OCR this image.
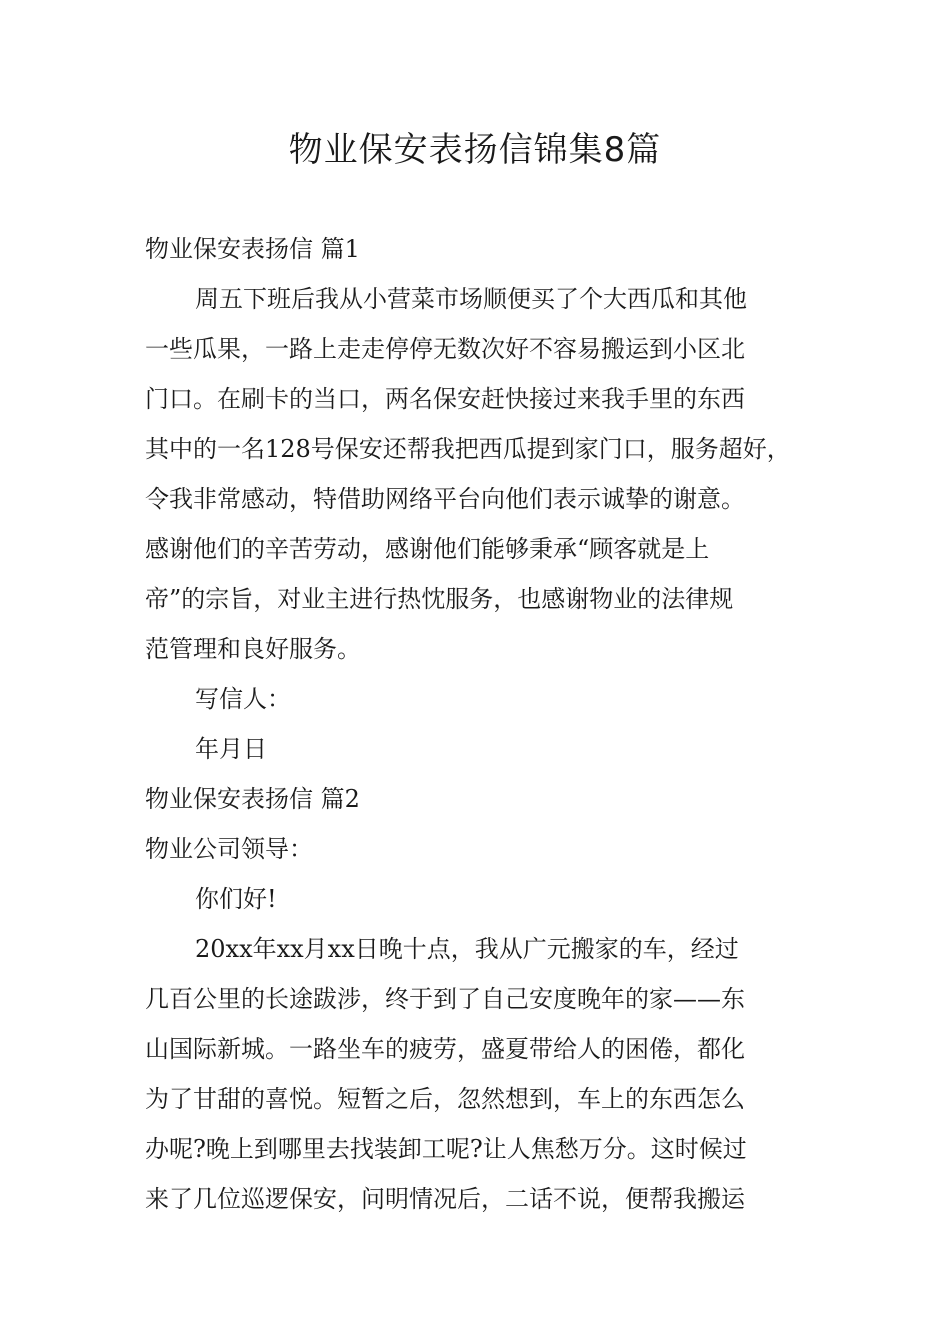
物业保安表扬信锦集8篇

物业保安表扬信 篇1

周五下班后我从小营菜市场顺便买了个大西瓜和其他

一些瓜果，一路上走走停停无数次好不容易搬运到小区北

门口。在刷卡的当口，两名保安赶快接过来我手里的东西

其中的一名128号保安还帮我把西瓜提到家门口，服务超好，

令我非常感动，特借助网络平台向他们表示诚挚的谢意。

感谢他们的辛苦劳动，感谢他们能够秉承“顾客就是上

帝”的宗旨，对业主进行热忱服务，也感谢物业的法律规

范管理和良好服务。

写信人：

年月日

物业保安表扬信 篇2

物业公司领导：

你们好!

20xx年xx月xx日晚十点，我从广元搬家的车，经过

几百公里的长途跋涉，终于到了自己安度晚年的家——东

山国际新城。一路坐车的疲劳，盛夏带给人的困倦，都化

为了甘甜的喜悦。短暂之后，忽然想到，车上的东西怎么

办呢?晚上到哪里去找装卸工呢?让人焦愁万分。这时候过

来了几位巡逻保安，问明情况后，二话不说，便帮我搬运
